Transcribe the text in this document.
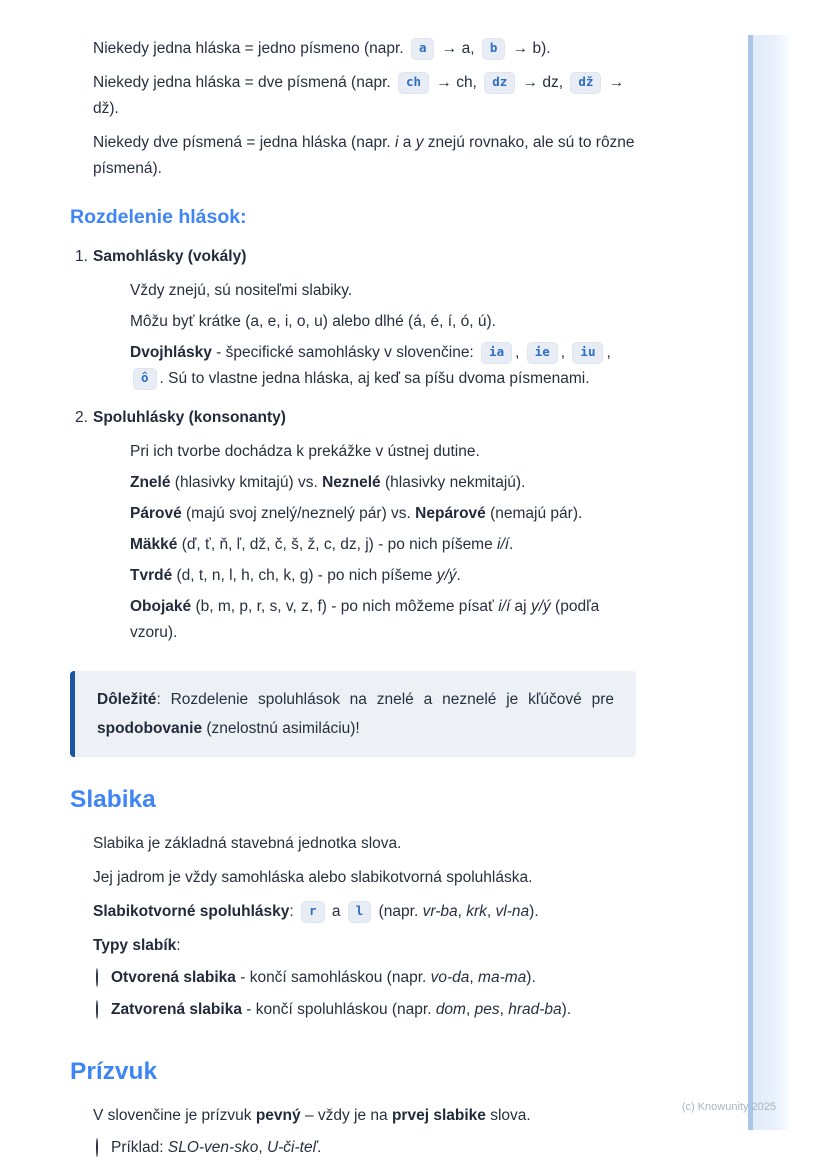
Niekedy jedna hláska = jedno písmeno (napr. a → a, b → b).
Niekedy jedna hláska = dve písmená (napr. ch → ch, dz → dz, dž → dž).
Niekedy dve písmená = jedna hláska (napr. i a y znejú rovnako, ale sú to rôzne písmená).
Rozdelenie hlások:
1. Samohlásky (vokály)
Vždy znejú, sú nositeľmi slabiky.
Môžu byť krátke (a, e, i, o, u) alebo dlhé (á, é, í, ó, ú).
Dvojhlásky - špecifické samohlásky v slovenčine: ia , ie , iu , ô . Sú to vlastne jedna hláska, aj keď sa píšu dvoma písmenami.
2. Spoluhlásky (konsonanty)
Pri ich tvorbe dochádza k prekážke v ústnej dutine.
Znelé (hlasivky kmitajú) vs. Neznelé (hlasivky nekmitajú).
Párové (majú svoj znelý/neznelý pár) vs. Nepárové (nemajú pár).
Mäkké (ď, ť, ň, ľ, dž, č, š, ž, c, dz, j) - po nich píšeme i/í.
Tvrdé (d, t, n, l, h, ch, k, g) - po nich píšeme y/ý.
Obojaké (b, m, p, r, s, v, z, f) - po nich môžeme písať i/í aj y/ý (podľa vzoru).
Dôležité: Rozdelenie spoluhlások na znelé a neznelé je kľúčové pre spodobovanie (znelostnú asimiláciu)!
Slabika
Slabika je základná stavebná jednotka slova.
Jej jadrom je vždy samohláska alebo slabikotvorná spoluhláska.
Slabikotvorné spoluhlásky: r a l (napr. vr-ba, krk, vl-na).
Typy slabík:
Otvorená slabika - končí samohláskou (napr. vo-da, ma-ma).
Zatvorená slabika - končí spoluhláskou (napr. dom, pes, hrad-ba).
Prízvuk
V slovenčine je prízvuk pevný – vždy je na prvej slabike slova.
Príklad: SLO-ven-sko, U-či-teľ.
(c) Knowunity 2025
